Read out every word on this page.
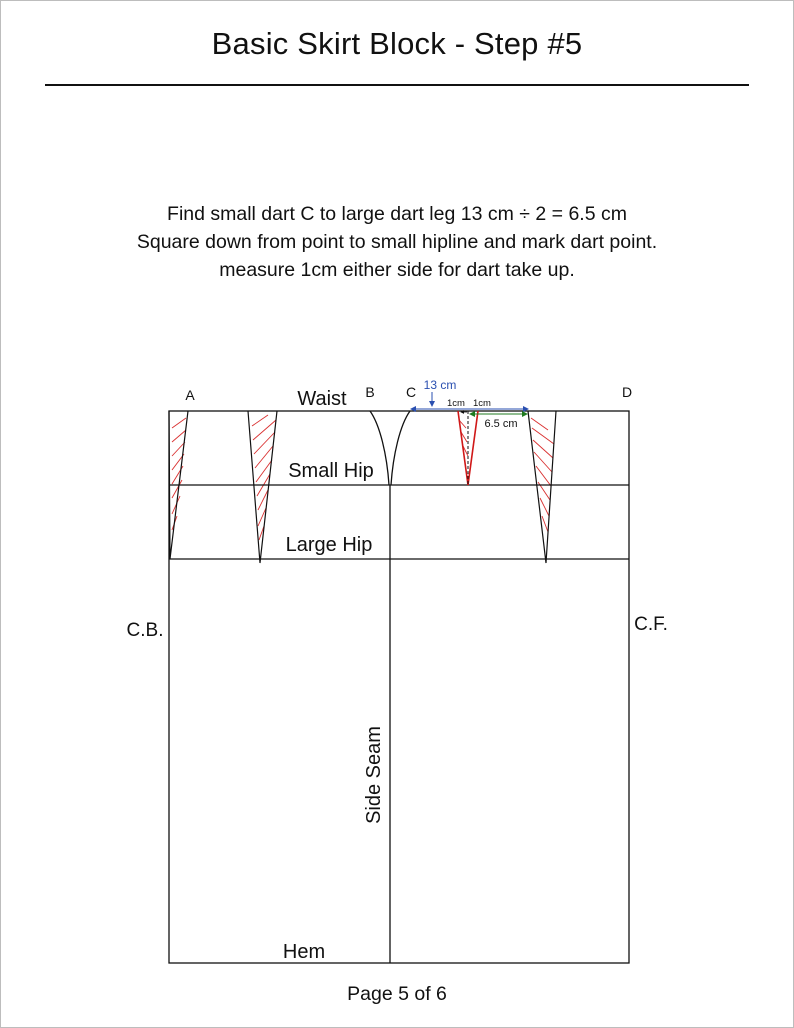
Basic Skirt Block - Step #5
Find small dart C to large dart leg 13 cm ÷ 2 = 6.5 cm
Square down from point to small hipline and mark dart point.
measure 1cm either side for dart take up.
A	B C	D
Waist
Small Hip
Large Hip
Hem
Side Seam
C.B.	C.F.
13 cm
1cm 1cm
6.5 cm
Page 5 of 6
